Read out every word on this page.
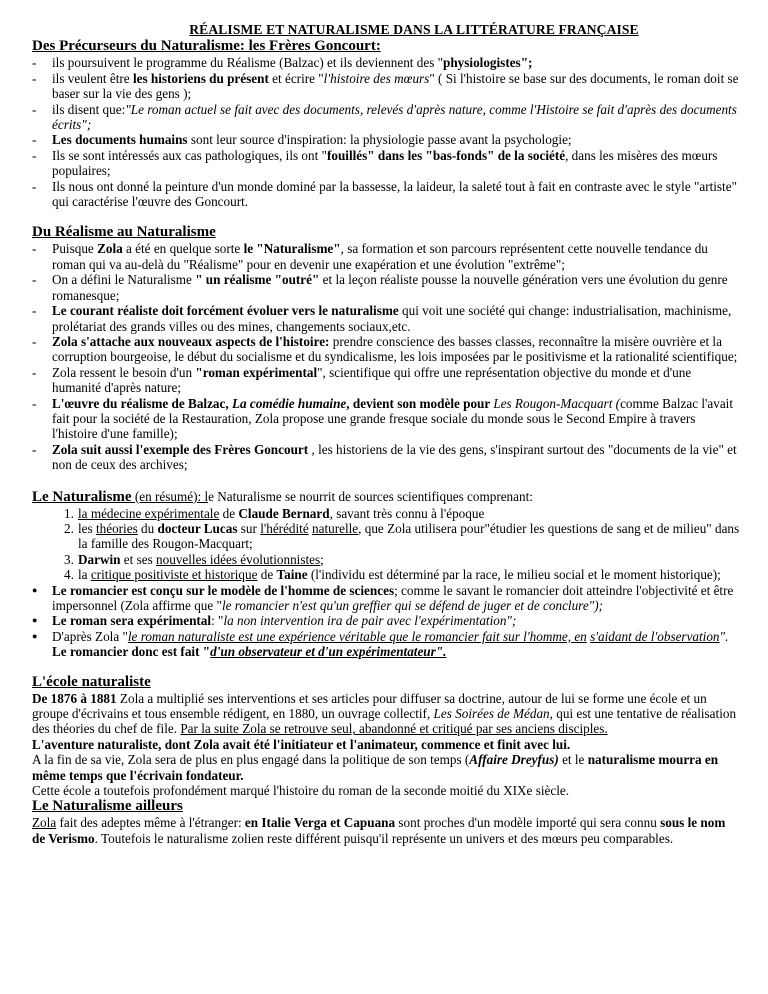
RÉALISME ET NATURALISME DANS LA LITTÉRATURE FRANÇAISE
Des Précurseurs du Naturalisme: les Frères Goncourt:
- ils poursuivent le programme du Réalisme (Balzac) et ils deviennent des "physiologistes";
- ils veulent être les historiens du présent et écrire "l'histoire des mœurs" ( Si l'histoire se base sur des documents, le roman doit se baser sur la vie des gens );
- ils disent que:"Le roman actuel se fait avec des documents, relevés d'après nature, comme l'Histoire se fait d'après des documents écrits";
- Les documents humains sont leur source d'inspiration: la physiologie passe avant la psychologie;
- Ils se sont intéressés aux cas pathologiques, ils ont "fouillés" dans les "bas-fonds" de la société, dans les misères des mœurs populaires;
- Ils nous ont donné la peinture d'un monde dominé par la bassesse, la laideur, la saleté tout à fait en contraste avec le style "artiste" qui caractérise l'œuvre des Goncourt.
Du Réalisme au Naturalisme
- Puisque Zola a été en quelque sorte le "Naturalisme", sa formation et son parcours représentent cette nouvelle tendance du roman qui va au-delà du "Réalisme" pour en devenir une exapération et une évolution "extrême";
- On a défini le Naturalisme " un réalisme "outré" et la leçon réaliste pousse la nouvelle génération vers une évolution du genre romanesque;
- Le courant réaliste doit forcément évoluer vers le naturalisme qui voit une société qui change: industrialisation, machinisme, prolétariat des grands villes ou des mines, changements sociaux,etc.
- Zola s'attache aux nouveaux aspects de l'histoire: prendre conscience des basses classes, reconnaître la misère ouvrière et la corruption bourgeoise, le début du socialisme et du syndicalisme, les lois imposées par le positivisme et la rationalité scientifique;
- Zola ressent le besoin d'un "roman expérimental", scientifique qui offre une représentation objective du monde et d'une humanité d'après nature;
- L'œuvre du réalisme de Balzac, La comédie humaine, devient son modèle pour Les Rougon-Macquart (comme Balzac l'avait fait pour la société de la Restauration, Zola propose une grande fresque sociale du monde sous le Second Empire à travers l'histoire d'une famille);
- Zola suit aussi l'exemple des Frères Goncourt , les historiens de la vie des gens, s'inspirant surtout des "documents de la vie" et non de ceux des archives;
Le Naturalisme (en résumé): le Naturalisme se nourrit de sources scientifiques comprenant:
1. la médecine expérimentale de Claude Bernard, savant très connu à l'époque
2. les théories du docteur Lucas sur l'hérédité naturelle, que Zola utilisera pour"étudier les questions de sang et de milieu" dans la famille des Rougon-Macquart;
3. Darwin et ses nouvelles idées évolutionnistes;
4. la critique positiviste et historique de Taine (l'individu est déterminé par la race, le milieu social et le moment historique);
● Le romancier est conçu sur le modèle de l'homme de sciences; comme le savant le romancier doit atteindre l'objectivité et être impersonnel (Zola affirme que "le romancier n'est qu'un greffier qui se défend de juger et de conclure");
● Le roman sera expérimental: "la non intervention ira de pair avec l'expérimentation";
● D'après Zola "le roman naturaliste est une expérience véritable que le romancier fait sur l'homme, en s'aidant de l'observation". Le romancier donc est fait "d'un observateur et d'un expérimentateur".
L'école naturaliste

De 1876 à 1881 Zola a multiplié ses interventions et ses articles pour diffuser sa doctrine, autour de lui se forme une école et un groupe d'écrivains et tous ensemble rédigent, en 1880, un ouvrage collectif, Les Soirées de Médan, qui est une tentative de réalisation des théories du chef de file. Par la suite Zola se retrouve seul, abandonné et critiqué par ses anciens disciples.

L'aventure naturaliste, dont Zola avait été l'initiateur et l'animateur, commence et finit avec lui.

A la fin de sa vie, Zola sera de plus en plus engagé dans la politique de son temps (Affaire Dreyfus) et le naturalisme mourra en même temps que l'écrivain fondateur.

Cette école a toutefois profondément marqué l'histoire du roman de la seconde moitié du XIXe siècle.

Le Naturalisme ailleurs

Zola fait des adeptes même à l'étranger: en Italie Verga et Capuana sont proches d'un modèle importé qui sera connu sous le nom de Verismo. Toutefois le naturalisme zolien reste différent puisqu'il représente un univers et des mœurs peu comparables.
